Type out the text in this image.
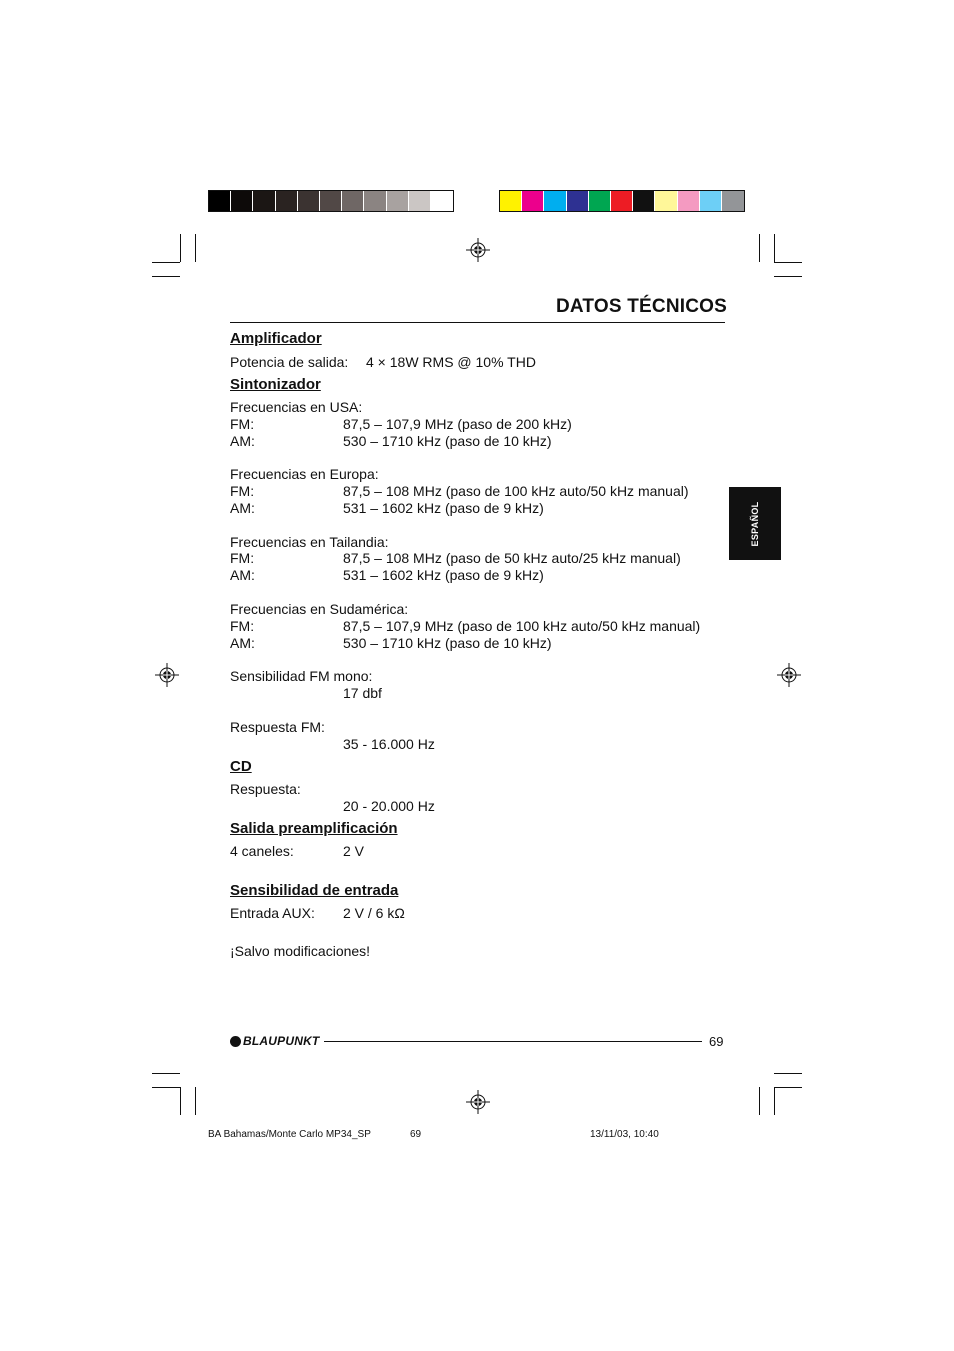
DATOS TÉCNICOS
ESPAÑOL
Amplificador
Potencia de salida: 4 × 18W RMS @ 10% THD
Sintonizador
Frecuencias en USA:
FM:	87,5 – 107,9 MHz (paso de 200 kHz)
AM:	530 – 1710 kHz (paso de 10 kHz)
Frecuencias en Europa:
FM:	87,5 – 108 MHz (paso de 100 kHz auto/50 kHz manual)
AM:	531 – 1602 kHz (paso de 9 kHz)
Frecuencias en Tailandia:
FM:	87,5 – 108 MHz (paso de 50 kHz auto/25 kHz manual)
AM:	531 – 1602 kHz (paso de 9 kHz)
Frecuencias en Sudamérica:
FM:	87,5 – 107,9 MHz (paso de 100 kHz auto/50 kHz manual)
AM:	530 – 1710 kHz (paso de 10 kHz)
Sensibilidad FM mono:
17 dbf
Respuesta FM:
35 - 16.000 Hz
CD
Respuesta:
20 - 20.000 Hz
Salida preamplificación
4 caneles:	2 V
Sensibilidad de entrada
Entrada AUX: 2 V / 6 kΩ
¡Salvo modificaciones!
BLAUPUNKT	69
BA Bahamas/Monte Carlo MP34_SP	69	13/11/03, 10:40
